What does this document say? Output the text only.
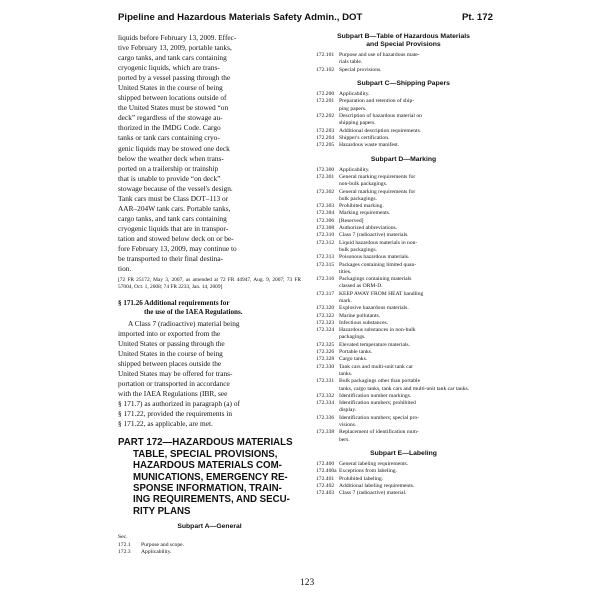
Pipeline and Hazardous Materials Safety Admin., DOT	Pt. 172
liquids before February 13, 2009. Effec-
tive February 13, 2009, portable tanks,
cargo tanks, and tank cars containing
cryogenic liquids, which are trans-
ported by a vessel passing through the
United States in the course of being
shipped between locations outside of
the United States must be stowed “on
deck” regardless of the stowage au-
thorized in the IMDG Code. Cargo
tanks or tank cars containing cryo-
genic liquids may be stowed one deck
below the weather deck when trans-
ported on a trailership or trainship
that is unable to provide “on deck”
stowage because of the vessel's design.
Tank cars must be Class DOT–113 or
AAR–204W tank cars. Portable tanks,
cargo tanks, and tank cars containing
cryogenic liquids that are in transpor-
tation and stowed below deck on or be-
fore February 13, 2009, may continue to
be transported to their final destina-
tion.

[72 FR 25172, May 3, 2007, as amended at 72 FR 44947, Aug. 9, 2007; 73 FR 57004, Oct. 1, 2008; 74 FR 2233, Jan. 14, 2009]

§ 171.26 Additional requirements for
the use of the IAEA Regulations.
A Class 7 (radioactive) material being
imported into or exported from the
United States or passing through the
United States in the course of being
shipped between places outside the
United States may be offered for trans-
portation or transported in accordance
with the IAEA Regulations (IBR, see
§ 171.7) as authorized in paragraph (a) of
§ 171.22, provided the requirements in
§ 171.22, as applicable, are met.
PART 172—HAZARDOUS MATERIALS
TABLE, SPECIAL PROVISIONS,
HAZARDOUS MATERIALS COM-
MUNICATIONS, EMERGENCY RE-
SPONSE INFORMATION, TRAIN-
ING REQUIREMENTS, AND SECU-
RITY PLANS
Subpart A—General
Sec.
172.1	Purpose and scope.
172.3	Applicability.
Subpart B—Table of Hazardous Materials
and Special Provisions
172.101 Purpose and use of hazardous mate-
rials table.
172.102 Special provisions.
Subpart C—Shipping Papers
172.200 Applicability.
172.201 Preparation and retention of ship-
ping papers.
172.202 Description of hazardous material on
shipping papers.
172.203 Additional description requirements.
172.204 Shipper's certification.
172.205 Hazardous waste manifest.
Subpart D—Marking
172.300 Applicability.
172.301 General marking requirements for
non-bulk packagings.
172.302 General marking requirements for
bulk packagings.
172.303 Prohibited marking.
172.304 Marking requirements.
172.306 [Reserved]
172.308 Authorized abbreviations.
172.310 Class 7 (radioactive) materials.
172.312 Liquid hazardous materials in non-
bulk packagings.
172.313 Poisonous hazardous materials.
172.315 Packages containing limited quan-
tities.
172.316 Packagings containing materials
classed as ORM-D.
172.317 KEEP AWAY FROM HEAT handling
mark.
172.320 Explosive hazardous materials.
172.322 Marine pollutants.
172.323 Infectious substances.
172.324 Hazardous substances in non-bulk
packagings.
172.325 Elevated temperature materials.
172.326 Portable tanks.
172.328 Cargo tanks.
172.330 Tank cars and multi-unit tank car
tanks.
172.331 Bulk packagings other than portable
tanks, cargo tanks, tank cars and multi-unit tank car tanks.
172.332 Identification number markings.
172.334 Identification numbers; prohibited
display.
172.336 Identification numbers; special pro-
visions.
172.338 Replacement of identification num-
bers.
Subpart E—Labeling
172.400 General labeling requirements.
172.400a Exceptions from labeling.
172.401 Prohibited labeling.
172.402 Additional labeling requirements.
172.403 Class 7 (radioactive) material.
123
